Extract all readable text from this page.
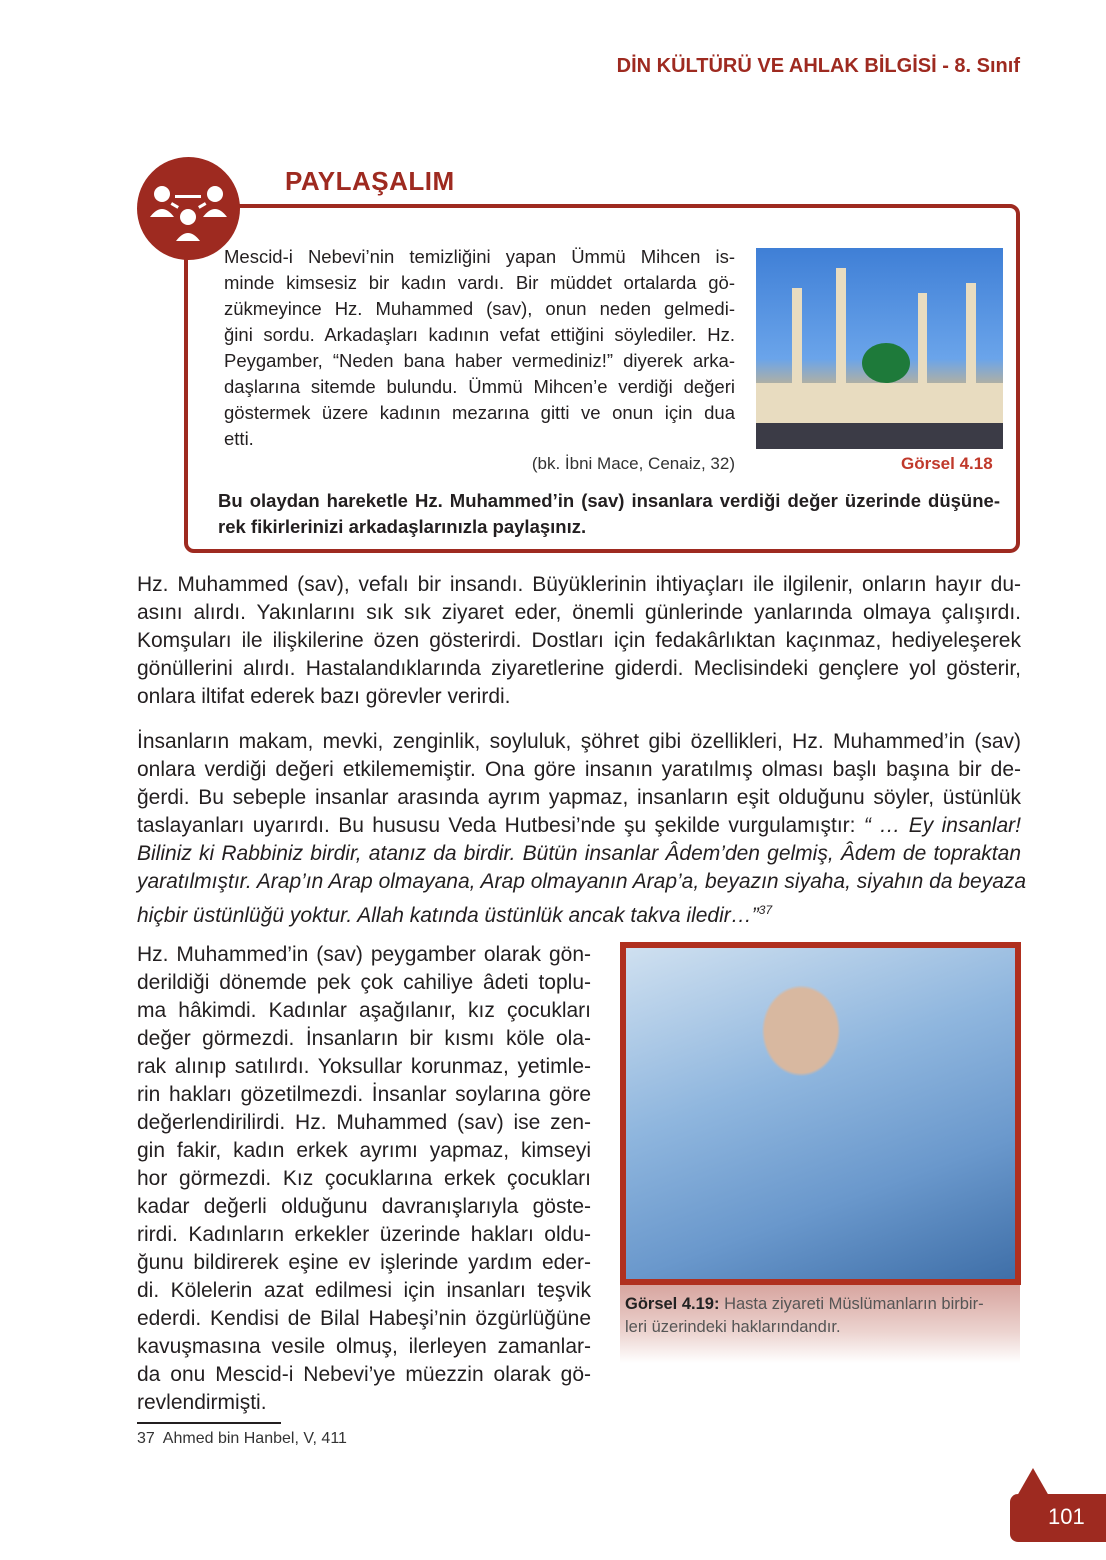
DİN KÜLTÜRÜ VE AHLAK BİLGİSİ - 8. Sınıf
PAYLAŞALIM
Mescid-i Nebevi’nin temizliğini yapan Ümmü Mihcen is-
minde kimsesiz bir kadın vardı. Bir müddet ortalarda gö-
zükmeyince Hz. Muhammed (sav), onun neden gelmedi-
ğini sordu. Arkadaşları kadının vefat ettiğini söylediler. Hz.
Peygamber, “Neden bana haber vermediniz!” diyerek arka-
daşlarına sitemde bulundu. Ümmü Mihcen’e verdiği değeri
göstermek üzere kadının mezarına gitti ve onun için dua
etti.
(bk. İbni Mace, Cenaiz, 32)	Görsel 4.18
Bu olaydan hareketle Hz. Muhammed’in (sav) insanlara verdiği değer üzerinde düşüne-
rek fikirlerinizi arkadaşlarınızla paylaşınız.
Hz. Muhammed (sav), vefalı bir insandı. Büyüklerinin ihtiyaçları ile ilgilenir, onların hayır du-
asını alırdı. Yakınlarını sık sık ziyaret eder, önemli günlerinde yanlarında olmaya çalışırdı.
Komşuları ile ilişkilerine özen gösterirdi. Dostları için fedakârlıktan kaçınmaz, hediyeleşerek
gönüllerini alırdı. Hastalandıklarında ziyaretlerine giderdi. Meclisindeki gençlere yol gösterir,
onlara iltifat ederek bazı görevler verirdi.
İnsanların makam, mevki, zenginlik, soyluluk, şöhret gibi özellikleri, Hz. Muhammed’in (sav)
onlara verdiği değeri etkilememiştir. Ona göre insanın yaratılmış olması başlı başına bir de-
ğerdi. Bu sebeple insanlar arasında ayrım yapmaz, insanların eşit olduğunu söyler, üstünlük
taslayanları uyarırdı. Bu hususu Veda Hutbesi’nde şu şekilde vurgulamıştır: “ … Ey insanlar!
Biliniz ki Rabbiniz birdir, atanız da birdir. Bütün insanlar Âdem’den gelmiş, Âdem de topraktan
yaratılmıştır. Arap’ın Arap olmayana, Arap olmayanın Arap’a, beyazın siyaha, siyahın da beyaza
hiçbir üstünlüğü yoktur. Allah katında üstünlük ancak takva iledir…”$^{37}$
Hz. Muhammed’in (sav) peygamber olarak gön-
derildiği dönemde pek çok cahiliye âdeti toplu-
ma hâkimdi. Kadınlar aşağılanır, kız çocukları
değer görmezdi. İnsanların bir kısmı köle ola-
rak alınıp satılırdı. Yoksullar korunmaz, yetimle-
rin hakları gözetilmezdi. İnsanlar soylarına göre
değerlendirilirdi. Hz. Muhammed (sav) ise zen-
gin fakir, kadın erkek ayrımı yapmaz, kimseyi
hor görmezdi. Kız çocuklarına erkek çocukları
kadar değerli olduğunu davranışlarıyla göste-
rirdi. Kadınların erkekler üzerinde hakları oldu-
ğunu bildirerek eşine ev işlerinde yardım eder-
di. Kölelerin azat edilmesi için insanları teşvik
ederdi. Kendisi de Bilal Habeşi’nin özgürlüğüne
kavuşmasına vesile olmuş, ilerleyen zamanlar-
da onu Mescid-i Nebevi’ye müezzin olarak gö-
revlendirmişti.
Görsel 4.19: Hasta ziyareti Müslümanların birbir-
leri üzerindeki haklarındandır.
37  Ahmed bin Hanbel, V, 411
101
